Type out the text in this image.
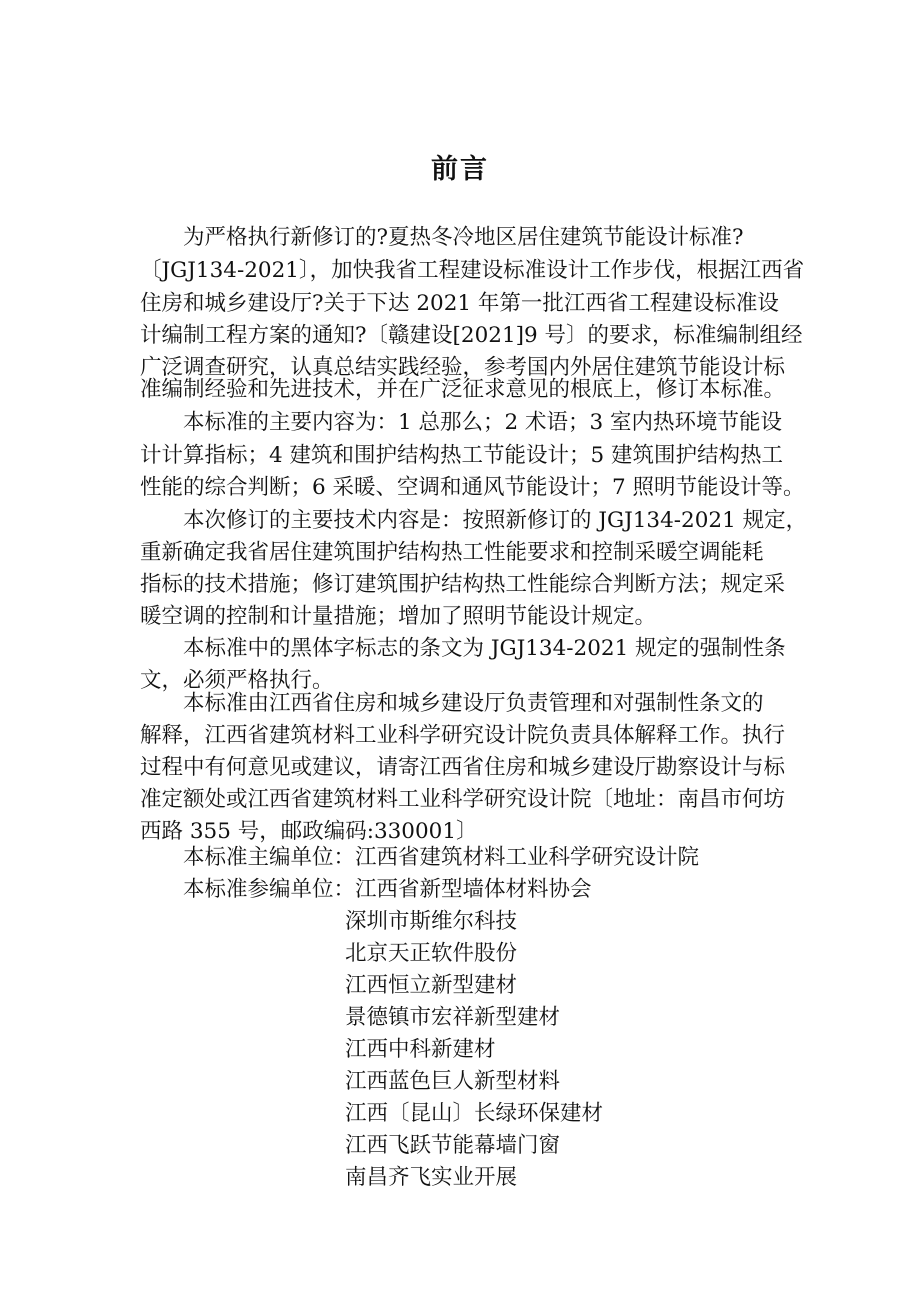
前言
为严格执行新修订的?夏热冬冷地区居住建筑节能设计标准?
〔JGJ134-2021〕，加快我省工程建设标准设计工作步伐，根据江西省
住房和城乡建设厅?关于下达 2021 年第一批江西省工程建设标准设
计编制工程方案的通知?〔赣建设[2021]9 号〕的要求，标准编制组经
广泛调查研究，认真总结实践经验，参考国内外居住建筑节能设计标
准编制经验和先进技术，并在广泛征求意见的根底上，修订本标准。
本标准的主要内容为：1 总那么；2 术语；3 室内热环境节能设
计计算指标；4 建筑和围护结构热工节能设计；5 建筑围护结构热工
性能的综合判断；6 采暖、空调和通风节能设计；7 照明节能设计等。
本次修订的主要技术内容是：按照新修订的 JGJ134-2021 规定，
重新确定我省居住建筑围护结构热工性能要求和控制采暖空调能耗
指标的技术措施；修订建筑围护结构热工性能综合判断方法；规定采
暖空调的控制和计量措施；增加了照明节能设计规定。
本标准中的黑体字标志的条文为 JGJ134-2021 规定的强制性条
文，必须严格执行。
本标准由江西省住房和城乡建设厅负责管理和对强制性条文的
解释，江西省建筑材料工业科学研究设计院负责具体解释工作。执行
过程中有何意见或建议，请寄江西省住房和城乡建设厅勘察设计与标
准定额处或江西省建筑材料工业科学研究设计院〔地址：南昌市何坊
西路 355 号，邮政编码:330001〕
本标准主编单位：江西省建筑材料工业科学研究设计院
本标准参编单位：江西省新型墙体材料协会
深圳市斯维尔科技
北京天正软件股份
江西恒立新型建材
景德镇市宏祥新型建材
江西中科新建材
江西蓝色巨人新型材料
江西〔昆山〕长绿环保建材
江西飞跃节能幕墙门窗
南昌齐飞实业开展
